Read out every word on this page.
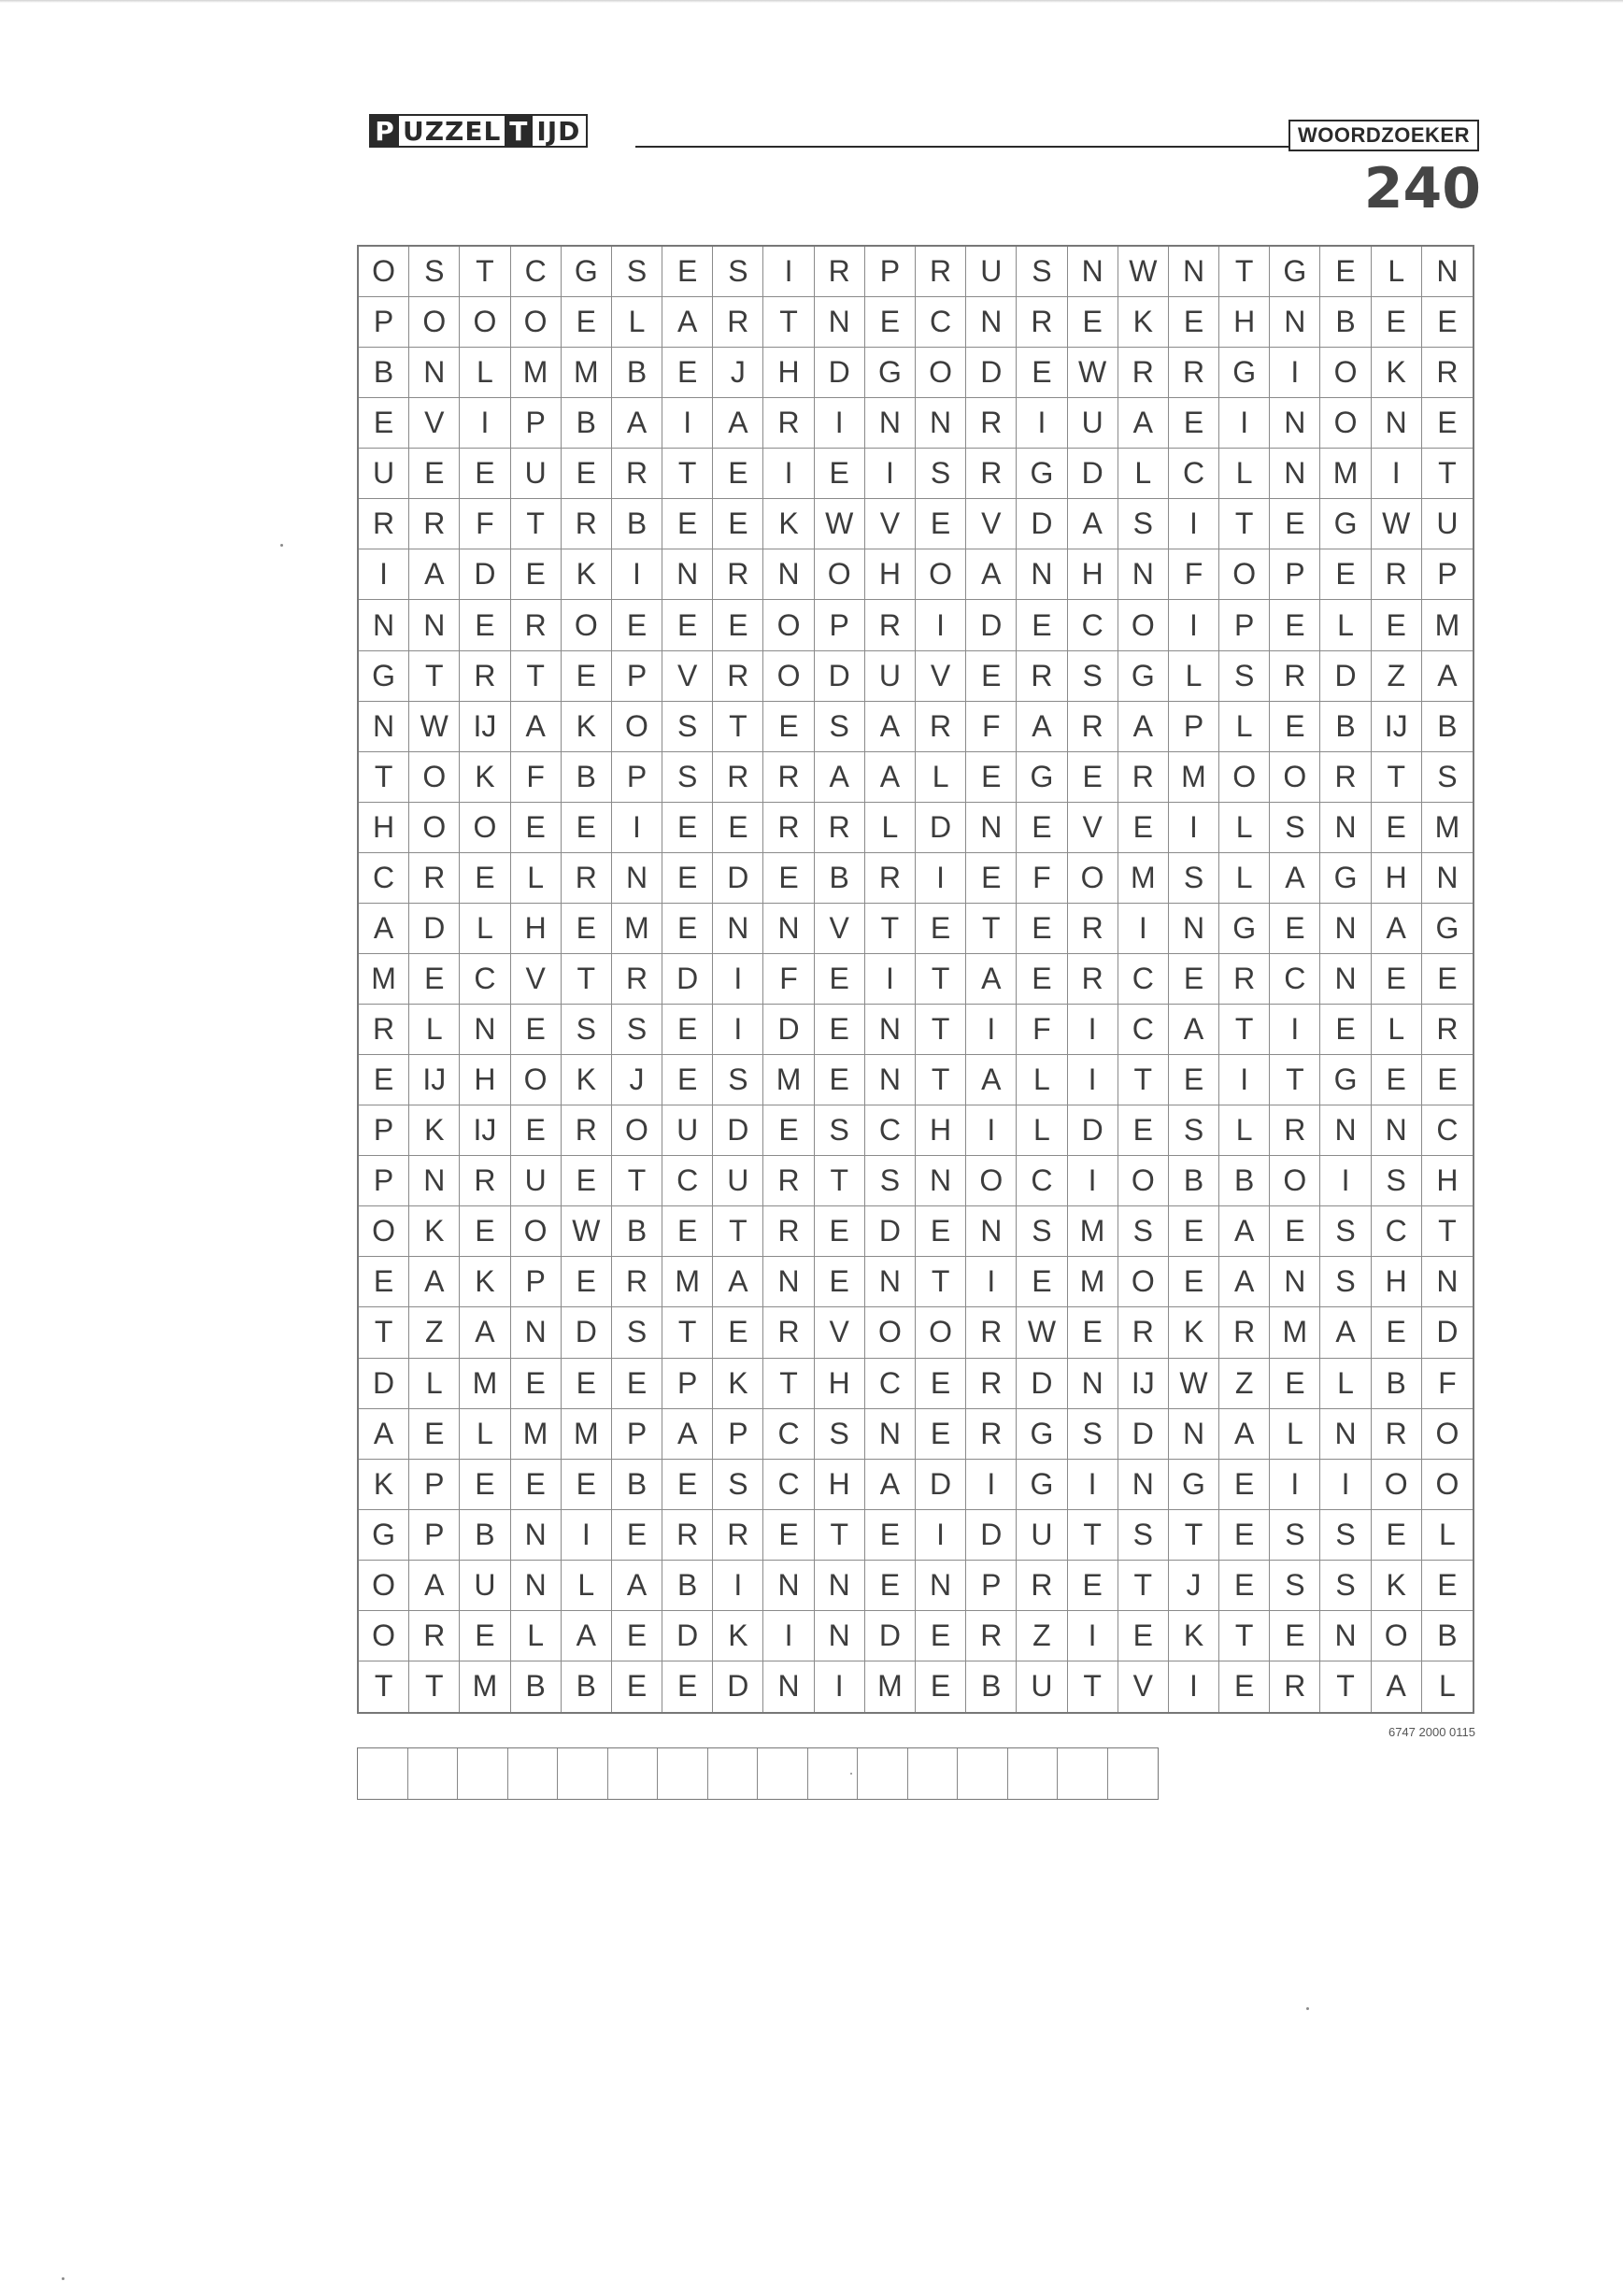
P UZZEL T IJD	WOORDZOEKER
240
O S	T	C G S	E	S	I	R P R U S N W N	T G E	L	N
P O O O E	L	A R	T	N E C N R E	K	E H N B	E	E
B N	L M M B	E	J	H D G O D E W R R G	I	O K	R
E	V	I	P	B	A	I	A R	I	N N R	I	U A	E	I	N O N	E
U E	E U E R	T	E	I	E	I	S R G D	L	C	L	N M	I	T
R R	F	T	R B	E	E	K W V	E	V D A	S	I	T	E G W U
I	A D E	K	I	N R N O H O A N H N	F O P	E R	P
N N E R O E	E	E O P R	I	D E C O	I	P	E	L	E M
G T	R	T	E	P	V R O D U V	E R S G	L	S R D	Z	A
N W IJ A	K O S	T	E	S	A R	F	A R A	P	L	E	B IJ B
T O K	F	B	P	S R R A	A	L	E G E R M O O R	T	S
H O O E	E	I	E	E R R	L	D N E	V	E	I	L	S N E M
C R E	L	R N E D E	B R	I	E	F O M S	L	A G H N
A D	L	H E M E N N V	T	E	T	E R	I	N G E N A G
M E C V	T	R D	I	F	E	I	T	A	E R C E R C N E	E
R	L	N E	S	S	E	I	D E N	T	I	F	I	C A	T	I	E	L	R
E IJ H O K	J	E	S M E N	T	A	L	I	T	E	I	T G E	E
P	K IJ E R O U D E	S C H	I	L	D E	S	L	R N N C
P N R U E	T	C U R	T	S N O C	I	O B	B O	I	S	H
O K	E O W B	E	T	R E D E N S M S	E	A	E	S C	T
E	A	K	P	E R M A N E N	T	I	E M O E	A N S H N
T	Z	A N D S	T	E R V O O R W E R K R M A	E	D
D	L M E	E	E	P	K	T	H C E R D N IJ W Z	E	L	B	F
A	E	L M M P	A	P C S N E R G S D N A	L	N R O
K	P	E	E	E	B	E	S C H A D	I	G	I	N G E	I	I	O O
G P	B N	I	E R R E	T	E	I	D U	T	S	T	E	S	S	E	L
O A U N	L	A	B	I	N N E N P R E	T	J	E	S	S	K	E
O R E	L	A	E D K	I	N D E R	Z	I	E	K	T	E N O B
T	T M B	B	E	E D N	I	M E	B U	T	V	I	E R	T	A	L
6747 2000 0115
